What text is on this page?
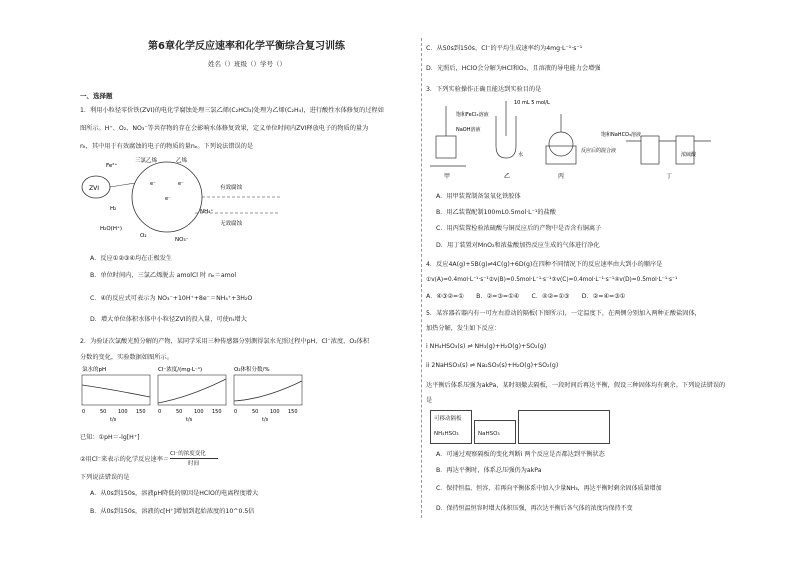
第6章化学反应速率和化学平衡综合复习训练
姓名（）班级（）学号（）
一、选择题
1．利用小粒径零价铁(ZVI)的电化学腐蚀处理三氯乙烯(C₂HCl₃)处理为乙烯(C₂H₄)，进行酸性水体修复的过程如
图所示。H⁺、O₂、NO₃⁻等共存物的存在会影响水体修复效果，定义单位时间内ZVI释放电子的物质的量为
nₜ，其中用于有效腐蚀的电子的物质的量nₑ。下列说法错误的是
ZVI
Fe²⁺
三氯乙烯	乙烯
有效腐蚀
无效腐蚀
H₂	NH₄⁺
H₂O(H⁺)
O₂
NO₃⁻
e⁻
e⁻
e⁻
A．反应①②③④均在正极发生
B．单位时间内，三氯乙烯脱去 amolCl 时 nₑ＝amol
C．④的反应式可表示为 NO₃⁻+10H⁺+8e⁻＝NH₄⁺+3H₂O
D．增大单位体积水体中小粒径ZVI的投入量，可使nₜ增大
2．为验证次氯酸光照分解的产物，某同学采用三种传感器分别测得氯水光照过程中pH、Cl⁻浓度、O₂体积
分数的变化，实验数据如图所示。
氯水的pH	Cl⁻浓度/(mg·L⁻¹)	O₂体积分数/%
0	50 100 150
t/s
0	50 100 150
t/s
0	50 100 150
t/s
已知：①pH＝-lg[H⁺]
②用Cl⁻来表示的化学反应速率＝
Cl⁻的浓度变化
时间
下列说法错误的是
A．从0s到150s，溶液pH降低的原因是HClO的电离程度增大
B．从0s到150s，溶液的c[H⁺]增加到起始浓度的10^0.5倍
C．从50s到150s，Cl⁻的平均生成速率约为4mg·L⁻¹·s⁻¹
D．光照后，HClO会分解为HCl和O₂，且溶液的导电能力会增强
3．下列实验操作正确且能达到实验目的是
饱和FeCl₃溶液
NaOH溶液
10 mL 5 mol/L
水
反应后的混合液
饱和NaHCO₃溶液
浓硫酸
甲	乙	丙	丁
A．用甲装置制备氢氧化铁胶体
B．用乙装置配制100mL0.5mol·L⁻¹的盐酸
C．用丙装置检验浓硫酸与铜反应后的产物中是否含有铜离子
D．用丁装置对MnO₂和浓盐酸加热反应生成的气体进行净化
4．反应4A(g)+5B(g)⇌4C(g)+6D(g)在四种不同情况下的反应速率由大到小的顺序是
①v(A)=0.4mol·L⁻¹·s⁻¹②v(B)=0.5mol·L⁻¹·s⁻¹③v(C)=0.4mol·L⁻¹·s⁻¹④v(D)=0.5mol·L⁻¹·s⁻¹
A．④③②=①　　B．②=③=①④　　C．④②=①③　　D．②=④=③①
5．某容器若器内有一可左右滑动的隔板(下图所示)，一定温度下，在两侧分别加入两种正酸盐固体，
加热分解，发生如下反应：
i NH₄HSO₃(s) ⇌ NH₃(g)+H₂O(g)+SO₂(g)
ii 2NaHSO₃(s) ⇌ Na₂SO₃(s)+H₂O(g)+SO₂(g)
达平衡后体系压强为akPa，某时刻撤去隔板，一段时间后再达平衡，假设三种固体均有剩余。下列说法错误的
是
可移动隔板
NH₄HSO₃	NaHSO₃
A．可通过观察隔板的变化判断i 两个反应是否都达到平衡状态
B．再达平衡时，体系总压强仍为akPa
C．保持恒温、恒容，若再向平衡体系中加入少量NH₃，再达平衡时剩余固体质量增加
D．保持恒温恒容时增大体积压强，再次达平衡后各气体的浓度均保持不变
